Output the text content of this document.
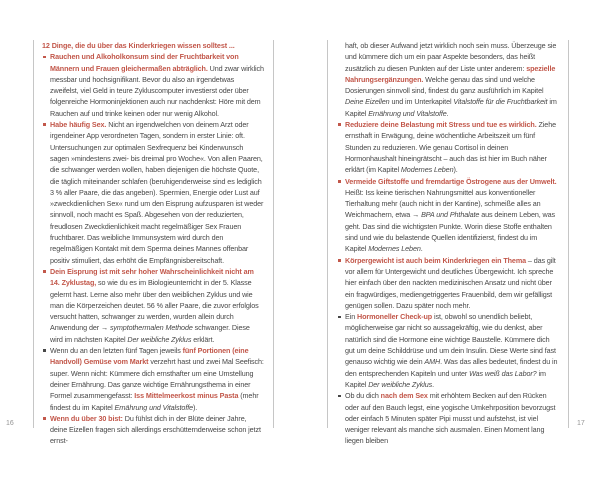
16	17
12 Dinge, die du über das Kinderkriegen wissen solltest ...
Rauchen und Alkoholkonsum sind der Fruchtbarkeit von Männern und Frauen gleichermaßen abträglich. Und zwar wirklich messbar und hochsignifikant. Bevor du also an irgendetwas zweifelst, viel Geld in teure Zykluscomputer investierst oder über folgenreiche Hormoninjektionen auch nur nachdenkst: Höre mit dem Rauchen auf und trinke keinen oder nur wenig Alkohol.
Habe häufig Sex. Nicht an irgendwelchen von deinem Arzt oder irgendeiner App verordneten Tagen, sondern in erster Linie: oft. Untersuchungen zur optimalen Sexfrequenz bei Kinderwunsch sagen »mindestens zwei- bis dreimal pro Woche«. Von allen Paaren, die schwanger werden wollen, haben diejenigen die höchste Quote, die täglich miteinander schlafen (beruhigenderweise sind es lediglich 3 % aller Paare, die das angeben). Spermien, Energie oder Lust auf »zweckdienlichen Sex« rund um den Eisprung aufzusparen ist weder sinnvoll, noch macht es Spaß. Abgesehen von der reduzierten, freudlosen Zweckdienlichkeit macht regelmäßiger Sex Frauen fruchtbarer. Das weibliche Immunsystem wird durch den regelmäßigen Kontakt mit dem Sperma deines Mannes offenbar positiv stimuliert, das erhöht die Empfängnisbereitschaft.
Dein Eisprung ist mit sehr hoher Wahrscheinlichkeit nicht am 14. Zyklustag, so wie du es im Biologieunterricht in der 5. Klasse gelernt hast. Lerne also mehr über den weiblichen Zyklus und wie man die Körperzeichen deutet. 56 % aller Paare, die zuvor erfolglos versucht hatten, schwanger zu werden, wurden allein durch Anwendung der → symptothermalen Methode schwanger. Diese wird im nächsten Kapitel Der weibliche Zyklus erklärt.
Wenn du an den letzten fünf Tagen jeweils fünf Portionen (eine Handvoll) Gemüse vom Markt verzehrt hast und zwei Mal Seefisch: super. Wenn nicht: Kümmere dich ernsthafter um eine Umstellung deiner Ernährung. Das ganze wichtige Ernährungsthema in einer Formel zusammengefasst: Iss Mittelmeerkost minus Pasta (mehr findest du im Kapitel Ernährung und Vitalstoffe).
Wenn du über 30 bist: Du fühlst dich in der Blüte deiner Jahre, deine Eizellen fragen sich allerdings erschütternderweise schon jetzt ernst-
haft, ob dieser Aufwand jetzt wirklich noch sein muss. Überzeuge sie und kümmere dich um ein paar Aspekte besonders, das heißt zusätzlich zu diesen Punkten auf der Liste unter anderem: spezielle Nahrungsergänzungen. Welche genau das sind und welche Dosierungen sinnvoll sind, findest du ganz ausführlich im Kapitel Deine Eizellen und im Unterkapitel Vitalstoffe für die Fruchtbarkeit im Kapitel Ernährung und Vitalstoffe.
Reduziere deine Belastung mit Stress und tue es wirklich. Ziehe ernsthaft in Erwägung, deine wöchentliche Arbeitszeit um fünf Stunden zu reduzieren. Wie genau Cortisol in deinen Hormonhaushalt hineingrätscht – auch das ist hier im Buch näher erklärt (im Kapitel Modernes Leben).
Vermeide Giftstoffe und fremdartige Östrogene aus der Umwelt. Heißt: Iss keine tierischen Nahrungsmittel aus konventioneller Tierhaltung mehr (auch nicht in der Kantine), schmeiße alles an Weichmachern, etwa → BPA und Phthalate aus deinem Leben, was geht. Das sind die wichtigsten Punkte. Worin diese Stoffe enthalten sind und wie du belastende Quellen identifizierst, findest du im Kapitel Modernes Leben.
Körpergewicht ist auch beim Kinderkriegen ein Thema – das gilt vor allem für Untergewicht und deutliches Übergewicht. Ich spreche hier einfach über den nackten medizinischen Ansatz und nicht über ein fragwürdiges, mediengetriggertes Frauenbild, dem wir gefälligst genügen sollen. Dazu später noch mehr.
Ein Hormoneller Check-up ist, obwohl so unendlich beliebt, möglicherweise gar nicht so aussagekräftig, wie du denkst, aber natürlich sind die Hormone eine wichtige Baustelle. Kümmere dich gut um deine Schilddrüse und um dein Insulin. Diese Werte sind fast genauso wichtig wie dein AMH. Was das alles bedeutet, findest du in den entsprechenden Kapiteln und unter Was weiß das Labor? im Kapitel Der weibliche Zyklus.
Ob du dich nach dem Sex mit erhöhtem Becken auf den Rücken oder auf den Bauch legst, eine yogische Umkehrposition bevorzugst oder einfach 5 Minuten später Pipi musst und aufstehst, ist viel weniger relevant als manche sich ausmalen. Einen Moment lang liegen bleiben
